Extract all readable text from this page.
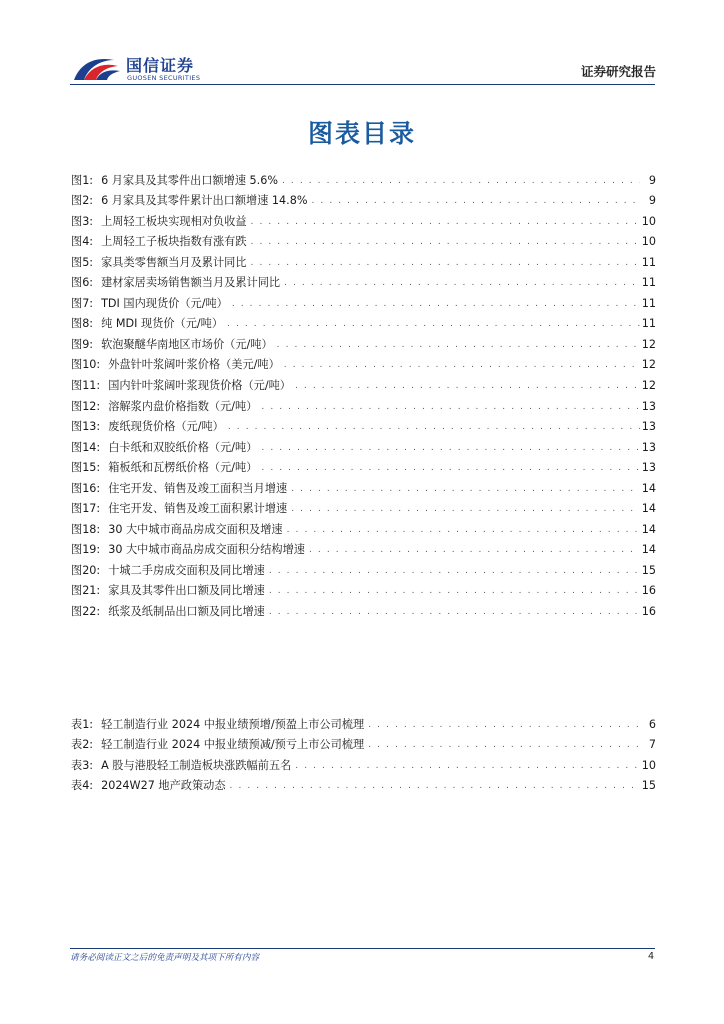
国信证券
GUOSEN SECURITIES	证券研究报告
图表目录
图1: 6 月家具及其零件出口额增速 5.6% . . .	9
图2: 6 月家具及其零件累计出口额增速 14.8% . . .	9
图3: 上周轻工板块实现相对负收益 . . .	10
图4: 上周轻工子板块指数有涨有跌 . . .	10
图5: 家具类零售额当月及累计同比 . . .	11
图6: 建材家居卖场销售额当月及累计同比 . . .	11
图7: TDI 国内现货价（元/吨） . . .	11
图8: 纯 MDI 现货价（元/吨） . . .	11
图9: 软泡聚醚华南地区市场价（元/吨） . . .	12
图10: 外盘针叶浆阔叶浆价格（美元/吨） . . .	12
图11: 国内针叶浆阔叶浆现货价格（元/吨） . . .	12
图12: 溶解浆内盘价格指数（元/吨） . . .	13
图13: 废纸现货价格（元/吨） . . .	13
图14: 白卡纸和双胶纸价格（元/吨） . . .	13
图15: 箱板纸和瓦楞纸价格（元/吨） . . .	13
图16: 住宅开发、销售及竣工面积当月增速 . . .	14
图17: 住宅开发、销售及竣工面积累计增速 . . .	14
图18: 30 大中城市商品房成交面积及增速 . . .	14
图19: 30 大中城市商品房成交面积分结构增速 . . .	14
图20: 十城二手房成交面积及同比增速 . . .	15
图21: 家具及其零件出口额及同比增速 . . .	16
图22: 纸浆及纸制品出口额及同比增速 . . .	16
表1: 轻工制造行业 2024 中报业绩预增/预盈上市公司梳理 . . .	6
表2: 轻工制造行业 2024 中报业绩预减/预亏上市公司梳理 . . .	7
表3: A 股与港股轻工制造板块涨跌幅前五名 . . .	10
表4: 2024W27 地产政策动态 . . .	15
请务必阅读正文之后的免责声明及其项下所有内容	4
